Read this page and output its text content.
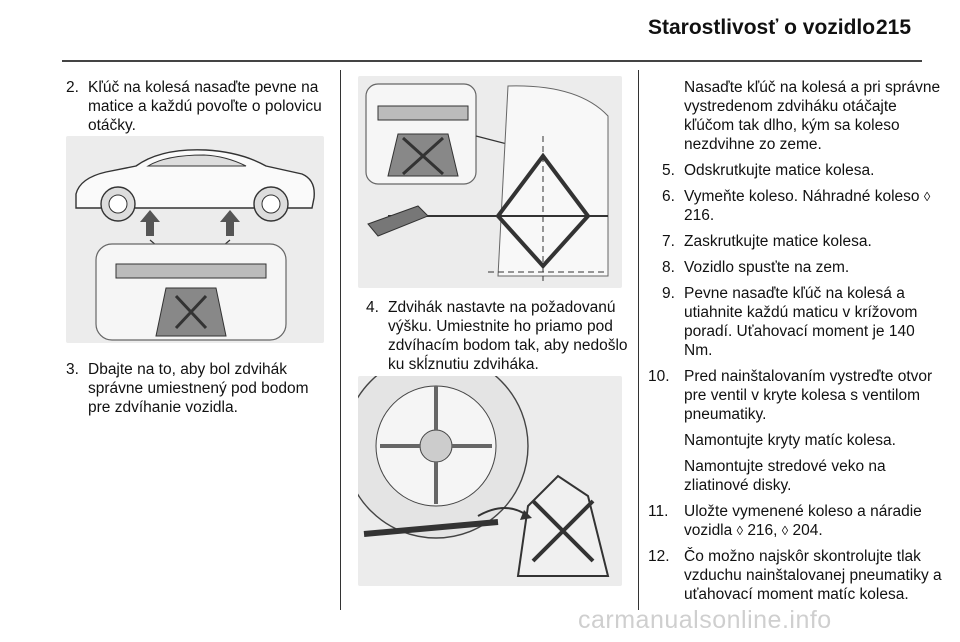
Starostlivosť o vozidlo 215
2. Kľúč na kolesá nasaďte pevne na matice a každú povoľte o polovicu otáčky.
3. Dbajte na to, aby bol zdvihák správne umiestnený pod bodom pre zdvíhanie vozidla.
4. Zdvihák nastavte na požadovanú výšku. Umiestnite ho priamo pod zdvíhacím bodom tak, aby nedošlo ku skĺznutiu zdviháka.
Nasaďte kľúč na kolesá a pri správne vystredenom zdviháku otáčajte kľúčom tak dlho, kým sa koleso nezdvihne zo zeme.
5. Odskrutkujte matice kolesa.
6. Vymeňte koleso. Náhradné koleso ◊ 216.
7. Zaskrutkujte matice kolesa.
8. Vozidlo spusťte na zem.
9. Pevne nasaďte kľúč na kolesá a utiahnite každú maticu v krížovom poradí. Uťahovací moment je 140 Nm.
10. Pred nainštalovaním vystreďte otvor pre ventil v kryte kolesa s ventilom pneumatiky.
Namontujte kryty matíc kolesa.
Namontujte stredové veko na zliatinové disky.
11. Uložte vymenené koleso a náradie vozidla ◊ 216, ◊ 204.
12. Čo možno najskôr skontrolujte tlak vzduchu nainštalovanej pneumatiky a uťahovací moment matíc kolesa.
carmanualsonline.info
